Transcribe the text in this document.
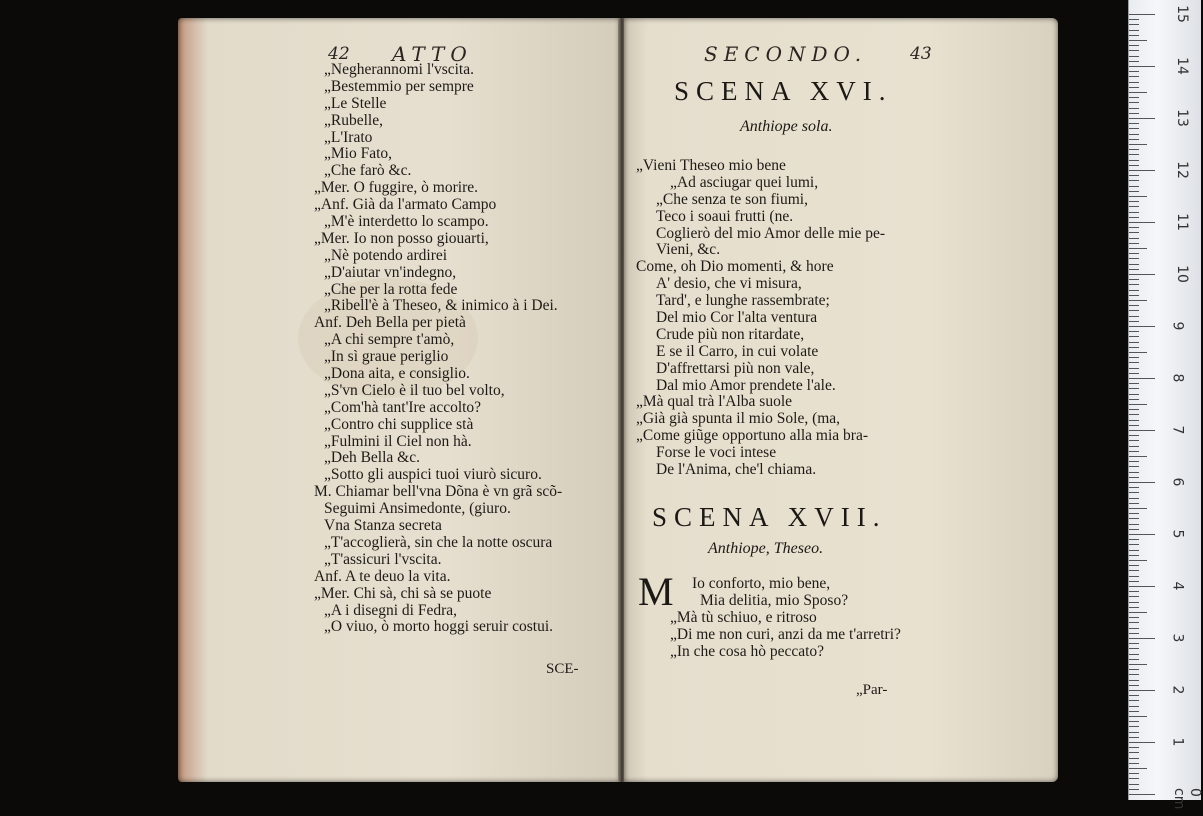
42 ATTO
„Negherannomi l'vscita.
„Bestemmio per sempre
„Le Stelle
„Rubelle,
„L'Irato
„Mio Fato,
„Che farò &c.
„Mer. O fuggire, ò morire.
„Anf. Già da l'armato Campo
„M'è interdetto lo scampo.
„Mer. Io non posso giouarti,
„Nè potendo ardirei
„D'aiutar vn'indegno,
„Che per la rotta fede
„Ribell'è à Theseo, & inimico à i Dei.
Anf. Deh Bella per pietà
„A chi sempre t'amò,
„In sì graue periglio
„Dona aita, e consiglio.
„S'vn Cielo è il tuo bel volto,
„Com'hà tant'Ire accolto?
„Contro chi supplice stà
„Fulmini il Ciel non hà.
„Deh Bella &c.
„Sotto gli auspici tuoi viurò sicuro.
M. Chiamar bell'vna Dõna è vn grã scõ-
Seguimi Ansimedonte, (giuro.
Vna Stanza secreta
„T'accoglierà, sin che la notte oscura
„T'assicuri l'vscita.
Anf. A te deuo la vita.
„Mer. Chi sà, chi sà se puote
„A i disegni di Fedra,
„O viuo, ò morto hoggi seruir costui.
SCE-
SECONDO.	43
SCENA XVI.
Anthiope sola.
„Vieni Theseo mio bene
„Ad asciugar quei lumi,
„Che senza te son fiumi,
Teco i soaui frutti (ne.
Coglierò del mio Amor delle mie pe-
Vieni, &c.
Come, oh Dio momenti, & hore
A' desio, che vi misura,
Tard', e lunghe rassembrate;
Del mio Cor l'alta ventura
Crude più non ritardate,
E se il Carro, in cui volate
D'affrettarsi più non vale,
Dal mio Amor prendete l'ale.
„Mà qual trà l'Alba suole
„Già già spunta il mio Sole, (ma,
„Come giũge opportuno alla mia bra-
Forse le voci intese
De l'Anima, che'l chiama.
SCENA XVII.
Anthiope, Theseo.
M	Io conforto, mio bene,
Mia delitia, mio Sposo?
„Mà tù schiuo, e ritroso
„Di me non curi, anzi da me t'arretri?
„In che cosa hò peccato?
„Par-
15
14
13
12
11
10
9
8
7
6
5
4
3
2
1
0 cm
